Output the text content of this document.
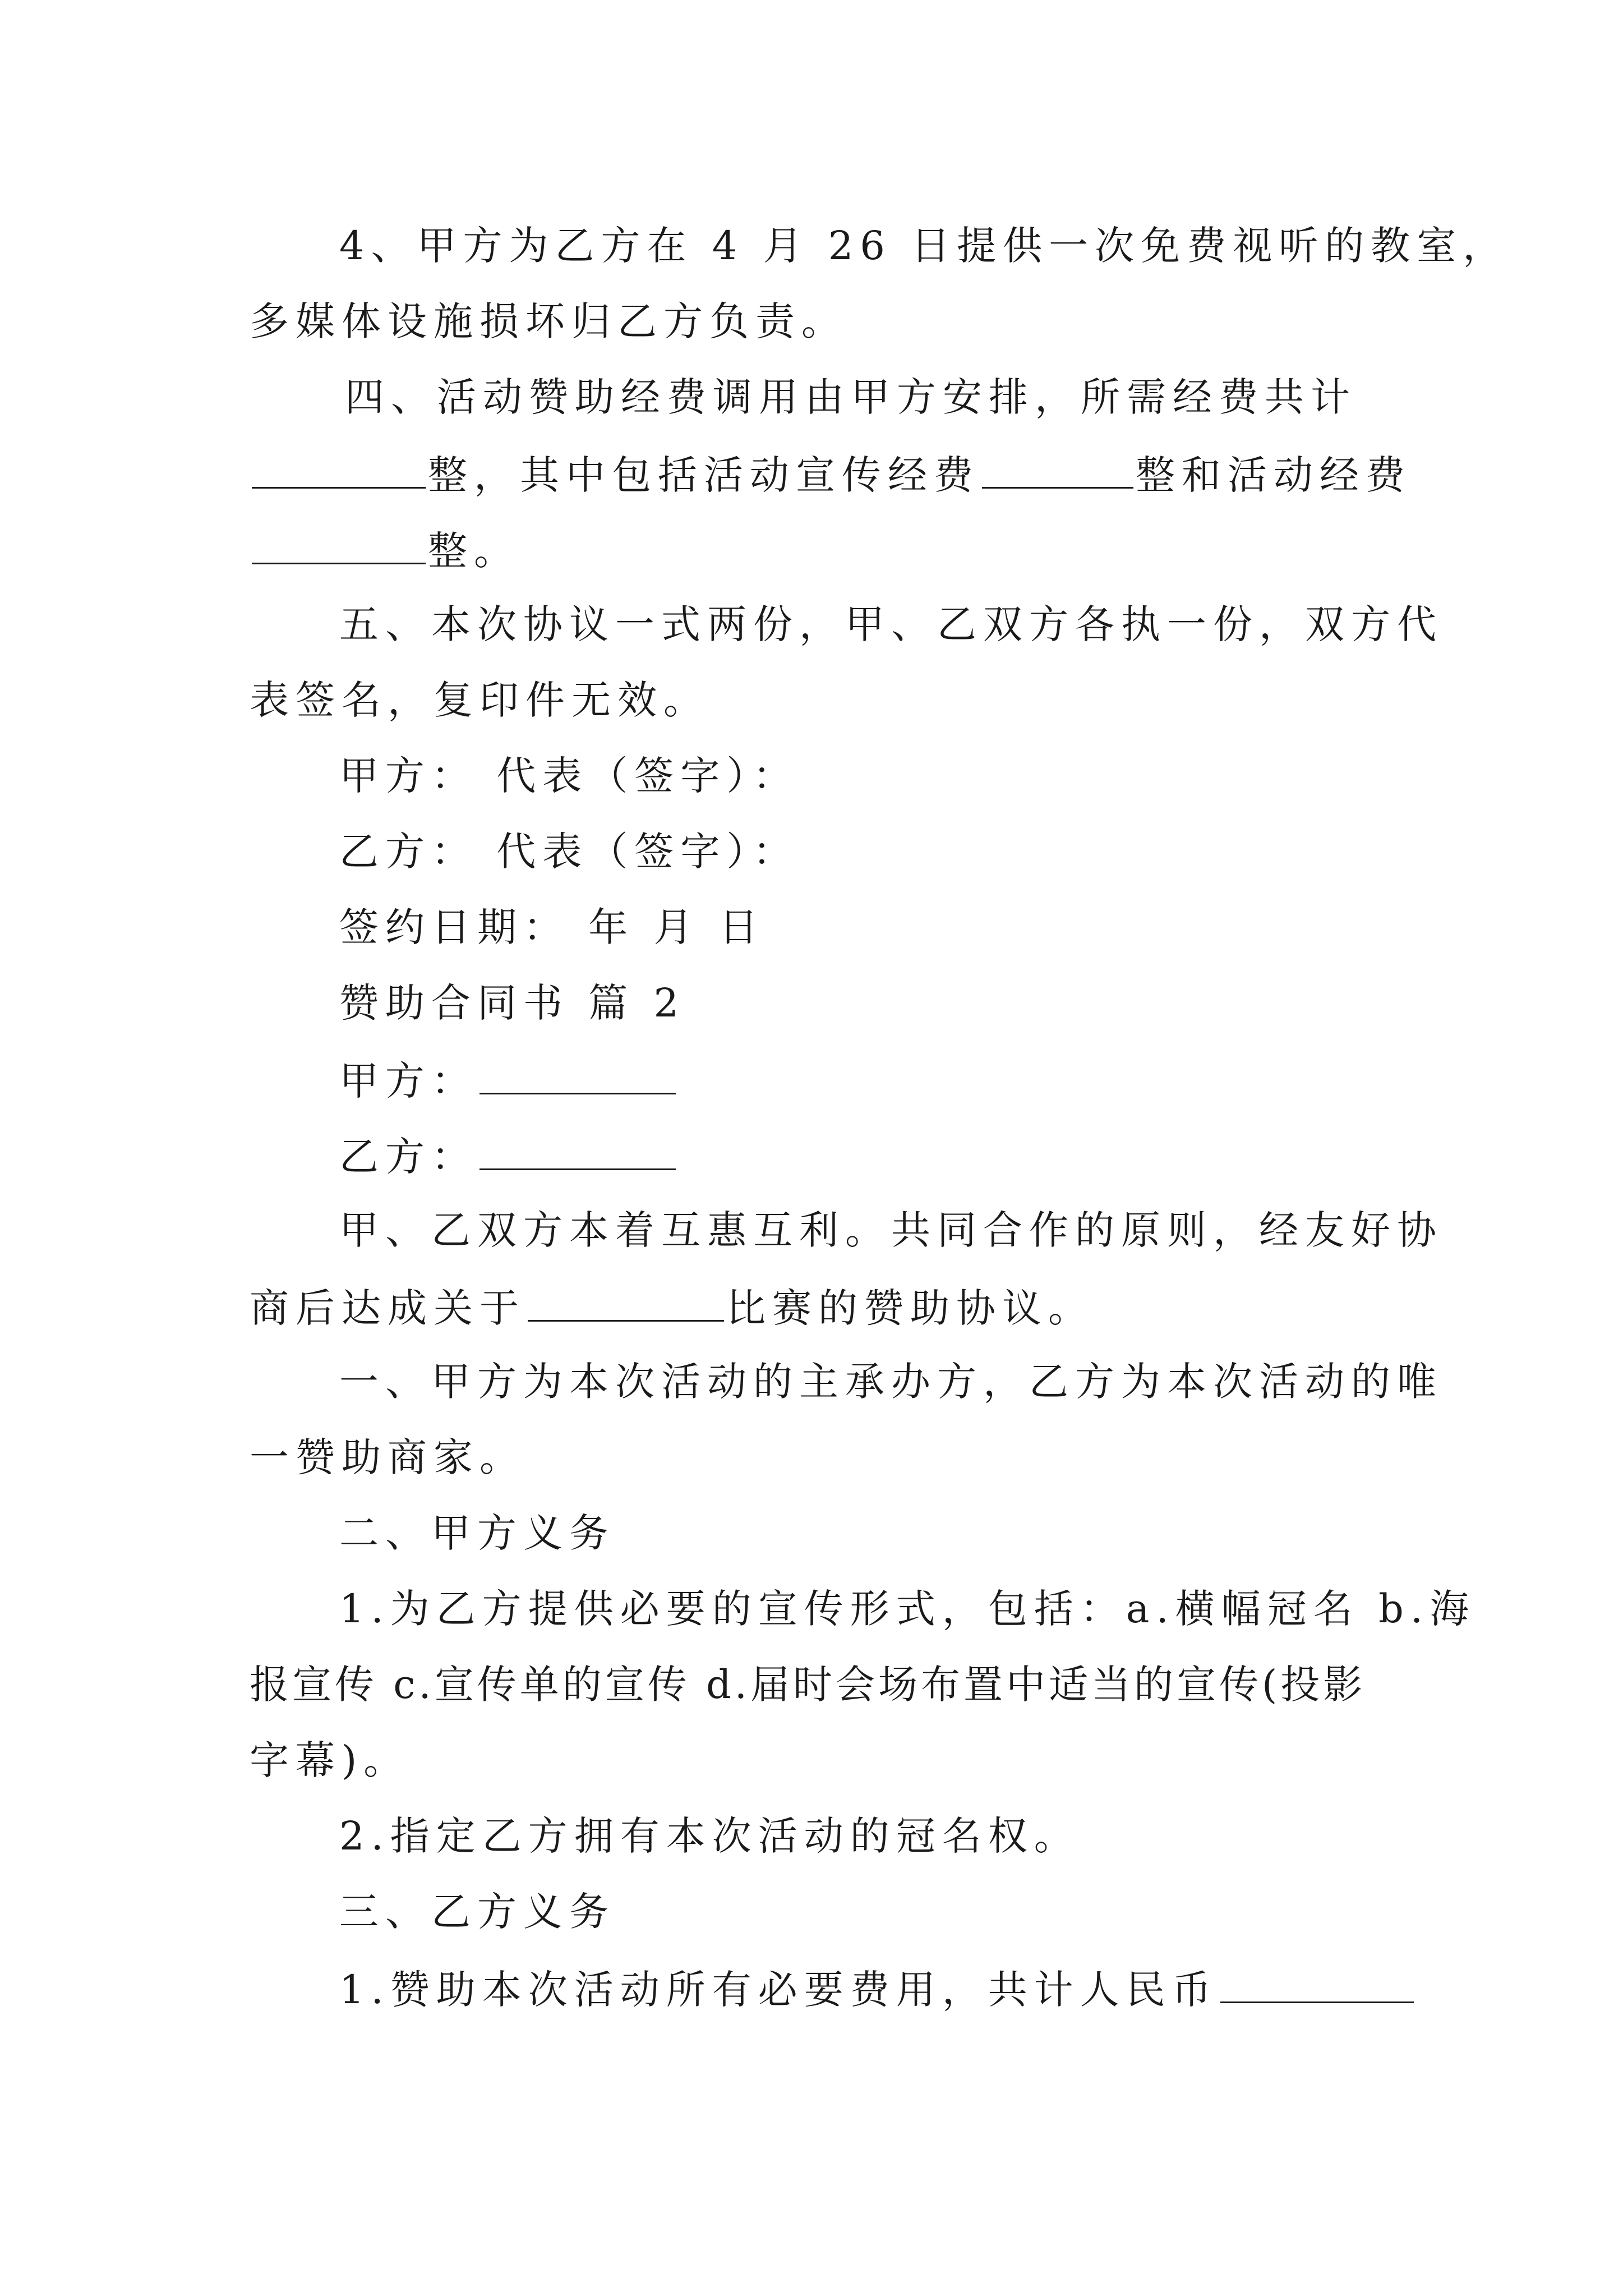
4、甲方为乙方在 4 月 26 日提供一次免费视听的教室，
多媒体设施损坏归乙方负责。
四、活动赞助经费调用由甲方安排，所需经费共计
整，其中包括活动宣传经费	整和活动经费
整。
五、本次协议一式两份，甲、乙双方各执一份，双方代
表签名，复印件无效。
甲方： 代表（签字）：
乙方： 代表（签字）：
签约日期： 年 月 日
赞助合同书 篇 2
甲方：
乙方：
甲、乙双方本着互惠互利。共同合作的原则，经友好协
商后达成关于	比赛的赞助协议。
一、甲方为本次活动的主承办方，乙方为本次活动的唯
一赞助商家。
二、甲方义务
1.为乙方提供必要的宣传形式，包括：a.横幅冠名 b.海
报宣传 c.宣传单的宣传 d.届时会场布置中适当的宣传(投影
字幕)。
2.指定乙方拥有本次活动的冠名权。
三、乙方义务
1.赞助本次活动所有必要费用，共计人民币
